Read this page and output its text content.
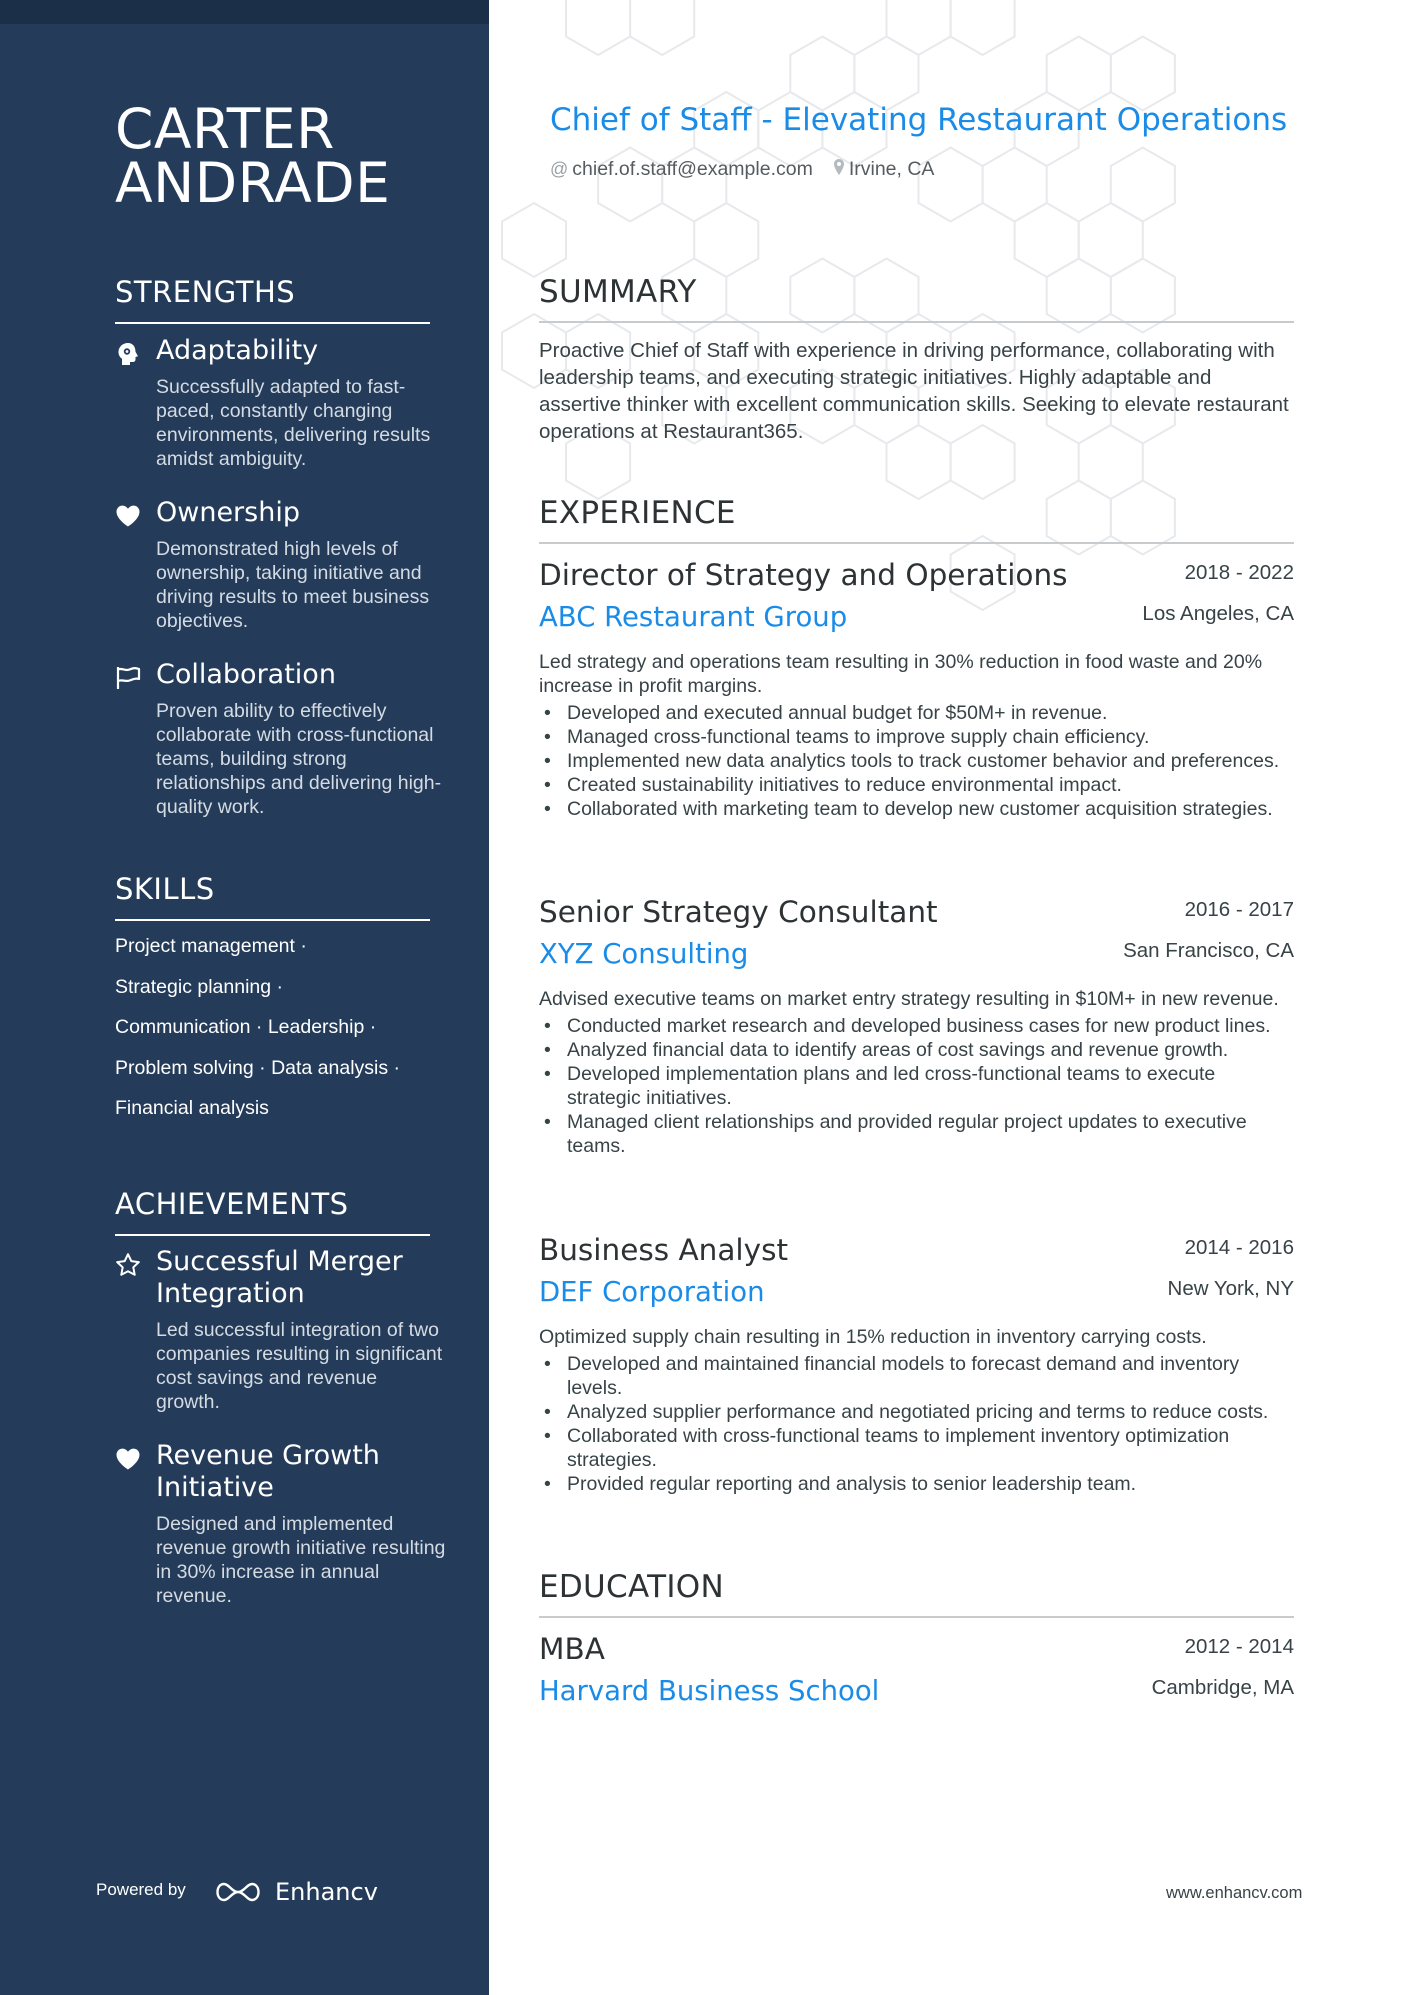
CARTER
ANDRADE
STRENGTHS
Adaptability
Successfully adapted to fast-paced, constantly changing environments, delivering results amidst ambiguity.
Ownership
Demonstrated high levels of ownership, taking initiative and driving results to meet business objectives.
Collaboration
Proven ability to effectively collaborate with cross-functional teams, building strong relationships and delivering high-quality work.
SKILLS
Project management ·
Strategic planning ·
Communication · Leadership ·
Problem solving · Data analysis ·
Financial analysis
ACHIEVEMENTS
Successful Merger Integration
Led successful integration of two companies resulting in significant cost savings and revenue growth.
Revenue Growth Initiative
Designed and implemented revenue growth initiative resulting in 30% increase in annual revenue.
Powered by	Enhancv
Chief of Staff - Elevating Restaurant Operations
@ chief.of.staff@example.com Irvine, CA
SUMMARY
Proactive Chief of Staff with experience in driving performance, collaborating with leadership teams, and executing strategic initiatives. Highly adaptable and assertive thinker with excellent communication skills. Seeking to elevate restaurant operations at Restaurant365.
EXPERIENCE
Director of Strategy and Operations	2018 - 2022
ABC Restaurant Group	Los Angeles, CA
Led strategy and operations team resulting in 30% reduction in food waste and 20% increase in profit margins.
• Developed and executed annual budget for $50M+ in revenue.
• Managed cross-functional teams to improve supply chain efficiency.
• Implemented new data analytics tools to track customer behavior and preferences.
• Created sustainability initiatives to reduce environmental impact.
• Collaborated with marketing team to develop new customer acquisition strategies.
Senior Strategy Consultant	2016 - 2017
XYZ Consulting	San Francisco, CA
Advised executive teams on market entry strategy resulting in $10M+ in new revenue.
• Conducted market research and developed business cases for new product lines.
• Analyzed financial data to identify areas of cost savings and revenue growth.
• Developed implementation plans and led cross-functional teams to execute strategic initiatives.
• Managed client relationships and provided regular project updates to executive teams.
Business Analyst	2014 - 2016
DEF Corporation	New York, NY
Optimized supply chain resulting in 15% reduction in inventory carrying costs.
• Developed and maintained financial models to forecast demand and inventory levels.
• Analyzed supplier performance and negotiated pricing and terms to reduce costs.
• Collaborated with cross-functional teams to implement inventory optimization strategies.
• Provided regular reporting and analysis to senior leadership team.
EDUCATION
MBA	2012 - 2014
Harvard Business School	Cambridge, MA
www.enhancv.com
